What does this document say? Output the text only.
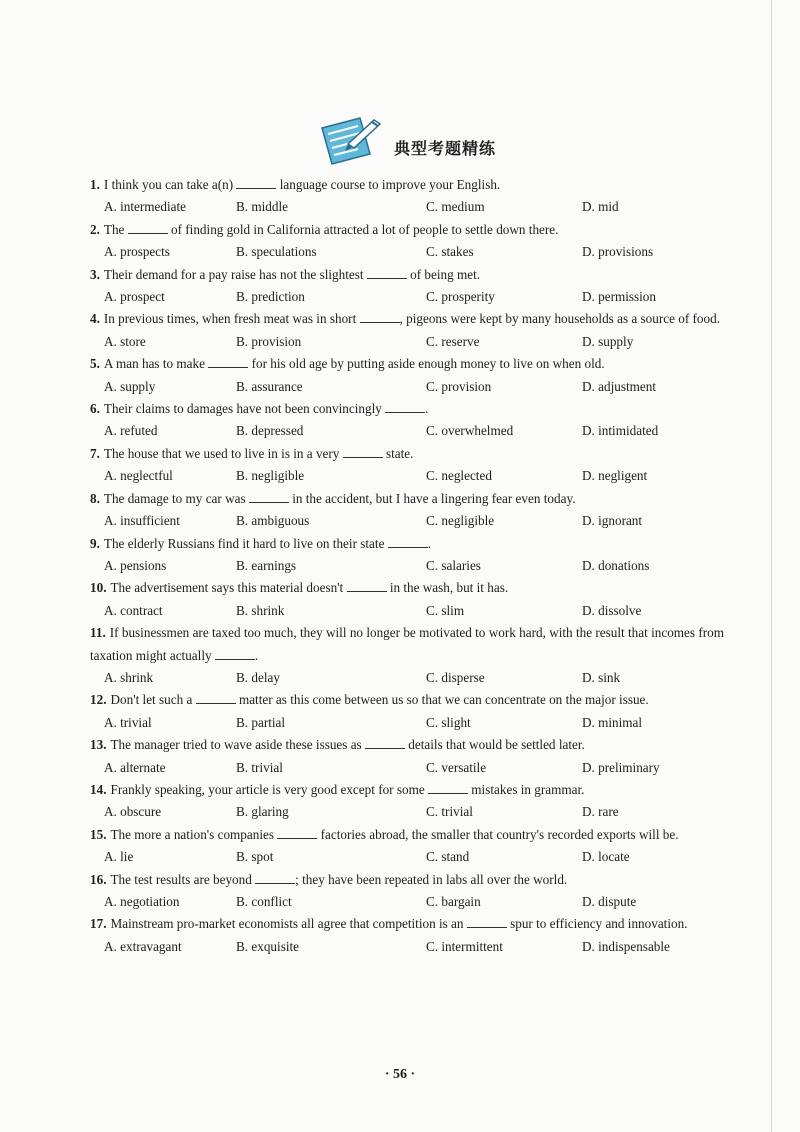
典型考题精练
1. I think you can take a(n)	language course to improve your English.
A. intermediate	B. middle	C. medium	D. mid
2. The	of finding gold in California attracted a lot of people to settle down there.
A. prospects	B. speculations	C. stakes	D. provisions
3. Their demand for a pay raise has not the slightest	of being met.
A. prospect	B. prediction	C. prosperity	D. permission
4. In previous times, when fresh meat was in short	, pigeons were kept by many households as a source of food.
A. store	B. provision	C. reserve	D. supply
5. A man has to make	for his old age by putting aside enough money to live on when old.
A. supply	B. assurance	C. provision	D. adjustment
6. Their claims to damages have not been convincingly	.
A. refuted	B. depressed	C. overwhelmed	D. intimidated
7. The house that we used to live in is in a very	state.
A. neglectful	B. negligible	C. neglected	D. negligent
8. The damage to my car was	in the accident, but I have a lingering fear even today.
A. insufficient	B. ambiguous	C. negligible	D. ignorant
9. The elderly Russians find it hard to live on their state	.
A. pensions	B. earnings	C. salaries	D. donations
10. The advertisement says this material doesn't	in the wash, but it has.
A. contract	B. shrink	C. slim	D. dissolve
11. If businessmen are taxed too much, they will no longer be motivated to work hard, with the result that incomes from taxation might actually	.
A. shrink	B. delay	C. disperse	D. sink
12. Don't let such a	matter as this come between us so that we can concentrate on the major issue.
A. trivial	B. partial	C. slight	D. minimal
13. The manager tried to wave aside these issues as	details that would be settled later.
A. alternate	B. trivial	C. versatile	D. preliminary
14. Frankly speaking, your article is very good except for some	mistakes in grammar.
A. obscure	B. glaring	C. trivial	D. rare
15. The more a nation's companies	factories abroad, the smaller that country's recorded exports will be.
A. lie	B. spot	C. stand	D. locate
16. The test results are beyond	; they have been repeated in labs all over the world.
A. negotiation	B. conflict	C. bargain	D. dispute
17. Mainstream pro-market economists all agree that competition is an	spur to efficiency and innovation.
A. extravagant	B. exquisite	C. intermittent	D. indispensable
· 56 ·
